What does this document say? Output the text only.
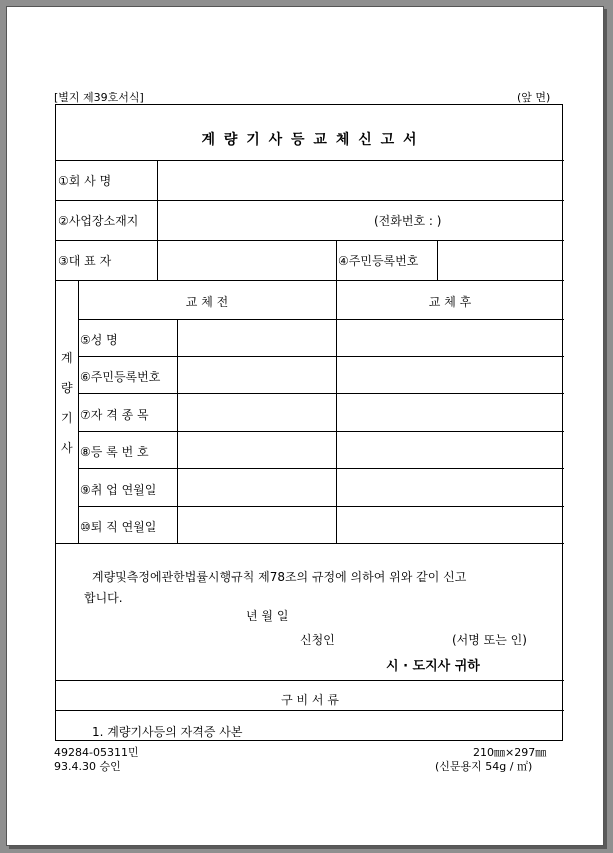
[별지 제39호서식]	(앞 면)
계 량 기 사 등 교 체 신 고 서
①회 사 명
②사업장소재지	(전화번호 : )
③대 표 자	④주민등록번호
계
량
기
사
교 체 전	교 체 후
⑤성 명
⑥주민등록번호
⑦자 격 종 목
⑧등 록 번 호
⑨취 업 연월일
⑩퇴 직 연월일
계량및측정에관한법률시행규칙 제78조의 규정에 의하여 위와 같이 신고
합니다.
년 월 일
신청인	(서명 또는 인)
시 · 도지사 귀하
구 비 서 류
1. 계량기사등의 자격증 사본
49284-05311민
93.4.30 승인
210㎜×297㎜
(신문용지 54g / ㎡)
